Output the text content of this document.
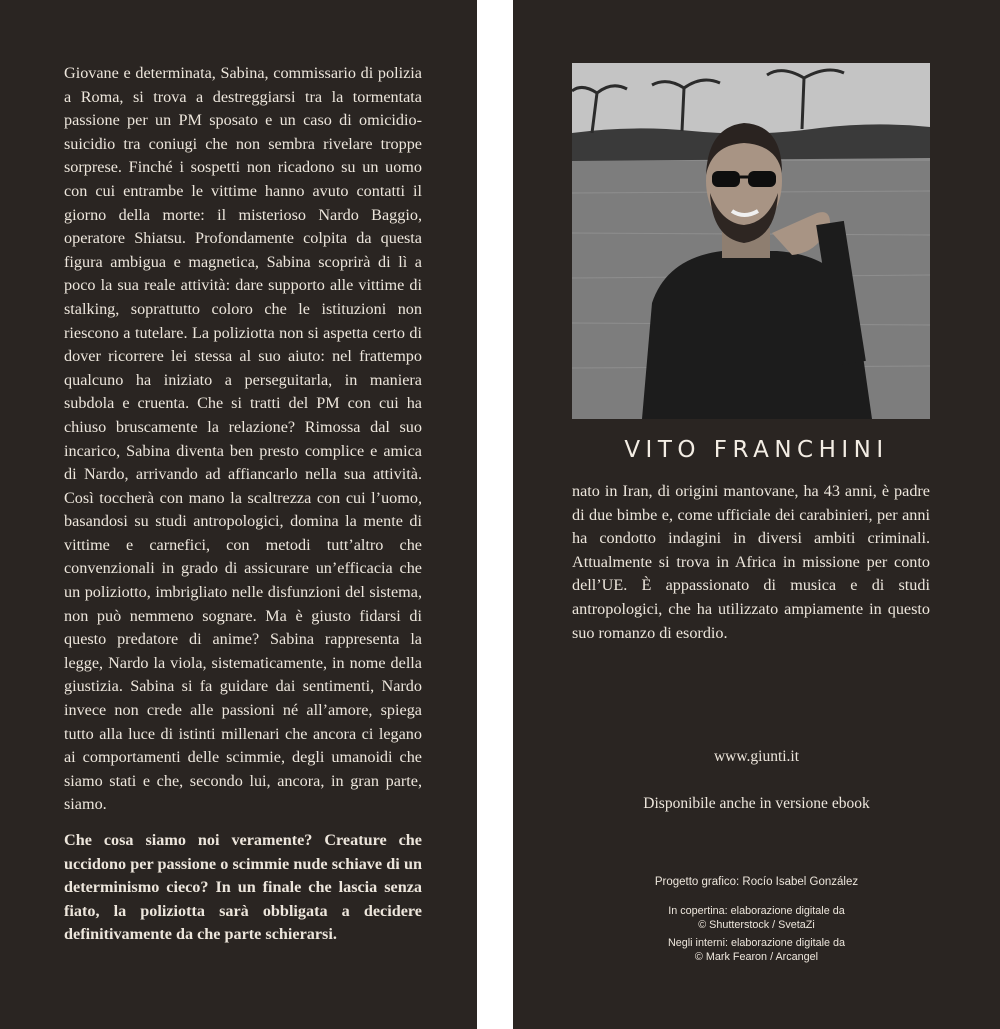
Giovane e determinata, Sabina, commissario di polizia a Roma, si trova a destreggiarsi tra la tormentata passione per un PM sposato e un caso di omicidio-suicidio tra coniugi che non sembra rivelare troppe sorprese. Finché i sospetti non ricadono su un uomo con cui entrambe le vittime hanno avuto contatti il giorno della morte: il misterioso Nardo Baggio, operatore Shiatsu. Profondamente colpita da questa figura ambigua e magnetica, Sabina scoprirà di lì a poco la sua reale attività: dare supporto alle vittime di stalking, soprattutto coloro che le istituzioni non riescono a tutelare. La poliziotta non si aspetta certo di dover ricorrere lei stessa al suo aiuto: nel frattempo qualcuno ha iniziato a perseguitarla, in maniera subdola e cruenta. Che si tratti del PM con cui ha chiuso bruscamente la relazione? Rimossa dal suo incarico, Sabina diventa ben presto complice e amica di Nardo, arrivando ad affiancarlo nella sua attività. Così toccherà con mano la scaltrezza con cui l’uomo, basandosi su studi antropologici, domina la mente di vittime e carnefici, con metodi tutt’altro che convenzionali in grado di assicurare un’efficacia che un poliziotto, imbrigliato nelle disfunzioni del sistema, non può nemmeno sognare. Ma è giusto fidarsi di questo predatore di anime? Sabina rappresenta la legge, Nardo la viola, sistematicamente, in nome della giustizia. Sabina si fa guidare dai sentimenti, Nardo invece non crede alle passioni né all’amore, spiega tutto alla luce di istinti millenari che ancora ci legano ai comportamenti delle scimmie, degli umanoidi che siamo stati e che, secondo lui, ancora, in gran parte, siamo.

Che cosa siamo noi veramente? Creature che uccidono per passione o scimmie nude schiave di un determinismo cieco? In un finale che lascia senza fiato, la poliziotta sarà obbligata a decidere definitivamente da che parte schierarsi.

VITO FRANCHINI

nato in Iran, di origini mantovane, ha 43 anni, è padre di due bimbe e, come ufficiale dei carabinieri, per anni ha condotto indagini in diversi ambiti criminali. Attualmente si trova in Africa in missione per conto dell’UE. È appassionato di musica e di studi antropologici, che ha utilizzato ampiamente in questo suo romanzo di esordio.

www.giunti.it
Disponibile anche in versione ebook
Progetto grafico: Rocío Isabel González
In copertina: elaborazione digitale da
© Shutterstock / SvetaZi
Negli interni: elaborazione digitale da
© Mark Fearon / Arcangel
